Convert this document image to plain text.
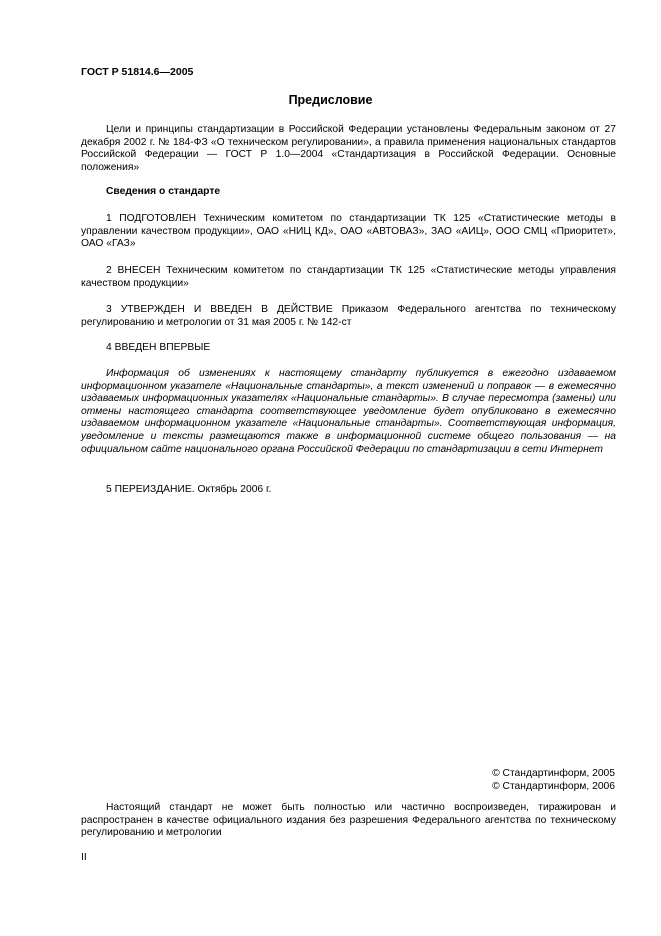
ГОСТ Р 51814.6—2005
Предисловие
Цели и принципы стандартизации в Российской Федерации установлены Федеральным законом от 27 декабря 2002 г. № 184-ФЗ «О техническом регулировании», а правила применения национальных стандартов Российской Федерации — ГОСТ Р 1.0—2004 «Стандартизация в Российской Федерации. Основные положения»
Сведения о стандарте
1 ПОДГОТОВЛЕН Техническим комитетом по стандартизации ТК 125 «Статистические методы в управлении качеством продукции», ОАО «НИЦ КД», ОАО «АВТОВАЗ», ЗАО «АИЦ», ООО СМЦ «Приоритет», ОАО «ГАЗ»
2 ВНЕСЕН Техническим комитетом по стандартизации ТК 125 «Статистические методы управления качеством продукции»
3 УТВЕРЖДЕН И ВВЕДЕН В ДЕЙСТВИЕ Приказом Федерального агентства по техническому регулированию и метрологии от 31 мая 2005 г. № 142-ст
4 ВВЕДЕН ВПЕРВЫЕ
Информация об изменениях к настоящему стандарту публикуется в ежегодно издаваемом информационном указателе «Национальные стандарты», а текст изменений и поправок — в ежемесячно издаваемых информационных указателях «Национальные стандарты». В случае пересмотра (замены) или отмены настоящего стандарта соответствующее уведомление будет опубликовано в ежемесячно издаваемом информационном указателе «Национальные стандарты». Соответствующая информация, уведомление и тексты размещаются также в информационной системе общего пользования — на официальном сайте национального органа Российской Федерации по стандартизации в сети Интернет
5 ПЕРЕИЗДАНИЕ. Октябрь 2006 г.
© Стандартинформ, 2005
© Стандартинформ, 2006
Настоящий стандарт не может быть полностью или частично воспроизведен, тиражирован и распространен в качестве официального издания без разрешения Федерального агентства по техническому регулированию и метрологии
II
